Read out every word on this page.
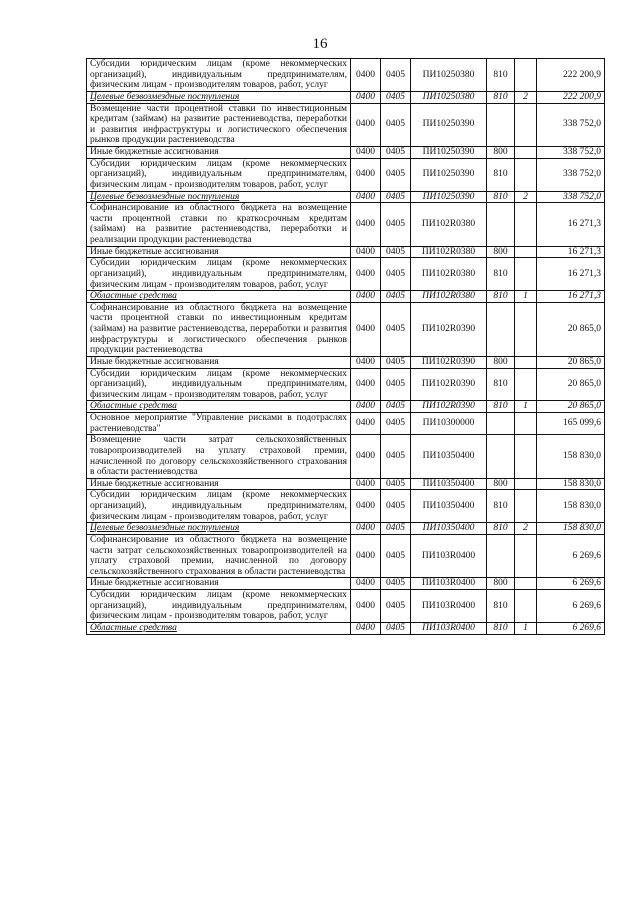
16
Субсидии юридическим лицам (кроме некоммерческих организаций), индивидуальным предпринимателям, физическим лицам - производителям товаров, работ, услуг	0400	0405	ПИ10250380	810		222 200,9
Целевые безвозмездные поступления	0400	0405	ПИ10250380	810	2	222 200,9
Возмещение части процентной ставки по инвестиционным кредитам (займам) на развитие растениеводства, переработки и развития инфраструктуры и логистического обеспечения рынков продукции растениеводства	0400	0405	ПИ10250390			338 752,0
Иные бюджетные ассигнования	0400	0405	ПИ10250390	800		338 752,0
Субсидии юридическим лицам (кроме некоммерческих организаций), индивидуальным предпринимателям, физическим лицам - производителям товаров, работ, услуг	0400	0405	ПИ10250390	810		338 752,0
Целевые безвозмездные поступления	0400	0405	ПИ10250390	810	2	338 752,0
Софинансирование из областного бюджета на возмещение части процентной ставки по краткосрочным кредитам (займам) на развитие растениеводства, переработки и реализации продукции растениеводства	0400	0405	ПИ102R0380			16 271,3
Иные бюджетные ассигнования	0400	0405	ПИ102R0380	800		16 271,3
Субсидии юридическим лицам (кроме некоммерческих организаций), индивидуальным предпринимателям, физическим лицам - производителям товаров, работ, услуг	0400	0405	ПИ102R0380	810		16 271,3
Областные средства	0400	0405	ПИ102R0380	810	1	16 271,3
Софинансирование из областного бюджета на возмещение части процентной ставки по инвестиционным кредитам (займам) на развитие растениеводства, переработки и развития инфраструктуры и логистического обеспечения рынков продукции растениеводства	0400	0405	ПИ102R0390			20 865,0
Иные бюджетные ассигнования	0400	0405	ПИ102R0390	800		20 865,0
Субсидии юридическим лицам (кроме некоммерческих организаций), индивидуальным предпринимателям, физическим лицам - производителям товаров, работ, услуг	0400	0405	ПИ102R0390	810		20 865,0
Областные средства	0400	0405	ПИ102R0390	810	1	20 865,0
Основное мероприятие "Управление рисками в подотраслях растениеводства"	0400	0405	ПИ10300000			165 099,6
Возмещение части затрат сельскохозяйственных товаропроизводителей на уплату страховой премии, начисленной по договору сельскохозяйственного страхования в области растениеводства	0400	0405	ПИ10350400			158 830,0
Иные бюджетные ассигнования	0400	0405	ПИ10350400	800		158 830,0
Субсидии юридическим лицам (кроме некоммерческих организаций), индивидуальным предпринимателям, физическим лицам - производителям товаров, работ, услуг	0400	0405	ПИ10350400	810		158 830,0
Целевые безвозмездные поступления	0400	0405	ПИ10350400	810	2	158 830,0
Софинансирование из областного бюджета на возмещение части затрат сельскохозяйственных товаропроизводителей на уплату страховой премии, начисленной по договору сельскохозяйственного страхования в области растениеводства	0400	0405	ПИ103R0400			6 269,6
Иные бюджетные ассигнования	0400	0405	ПИ103R0400	800		6 269,6
Субсидии юридическим лицам (кроме некоммерческих организаций), индивидуальным предпринимателям, физическим лицам - производителям товаров, работ, услуг	0400	0405	ПИ103R0400	810		6 269,6
Областные средства	0400	0405	ПИ103R0400	810	1	6 269,6
